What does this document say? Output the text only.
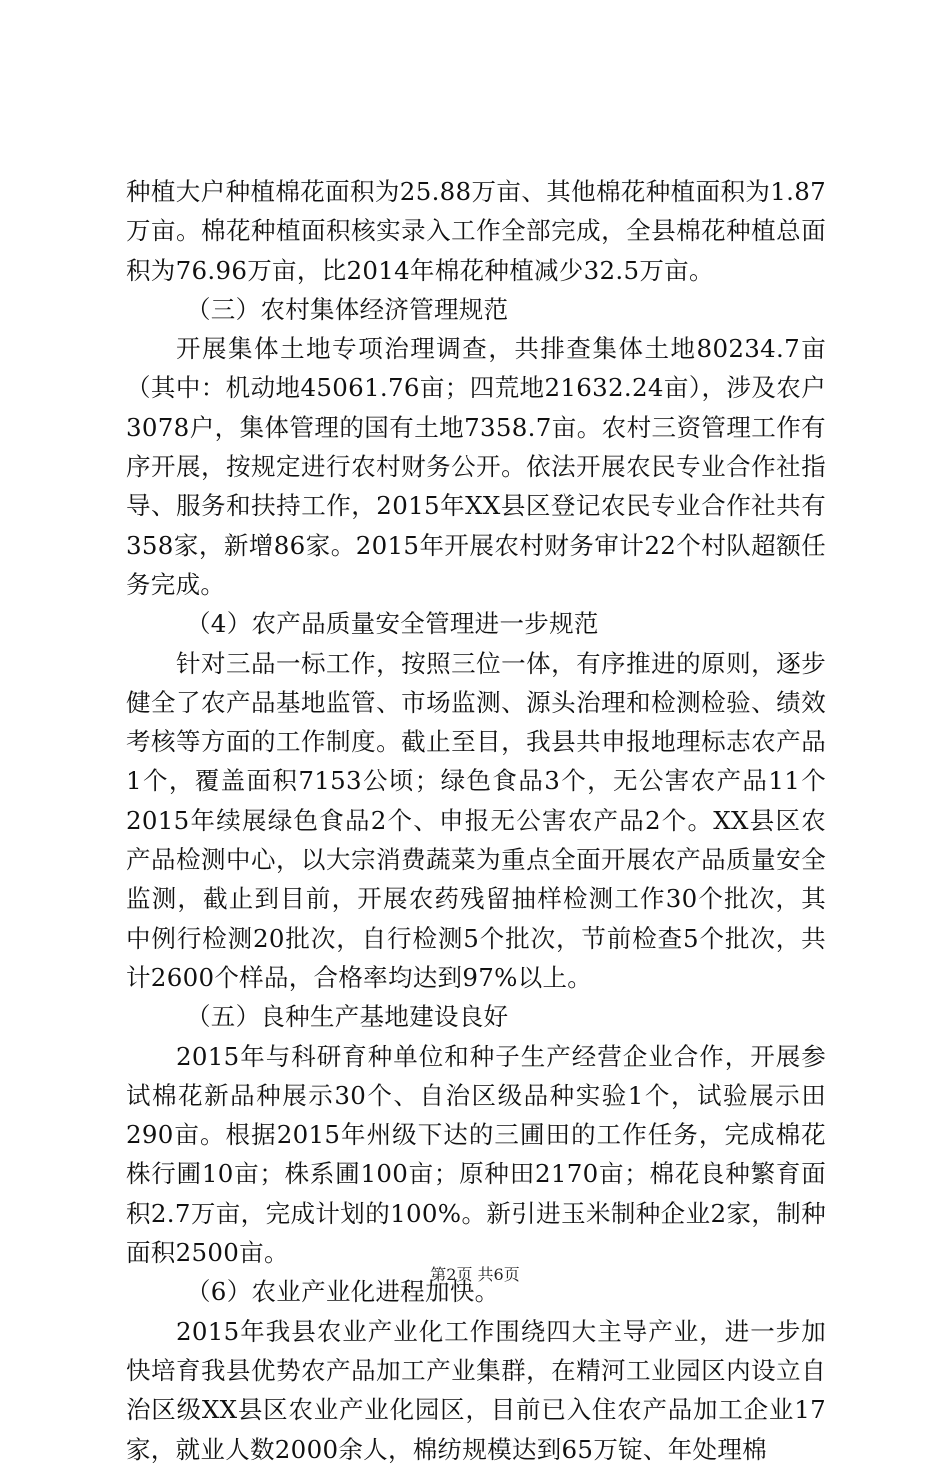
种植大户种植棉花面积为25.88万亩、其他棉花种植面积为1.87万亩。棉花种植面积核实录入工作全部完成，全县棉花种植总面积为76.96万亩，比2014年棉花种植减少32.5万亩。

（三）农村集体经济管理规范

开展集体土地专项治理调查，共排查集体土地80234.7亩（其中：机动地45061.76亩；四荒地21632.24亩），涉及农户3078户，集体管理的国有土地7358.7亩。农村三资管理工作有序开展，按规定进行农村财务公开。依法开展农民专业合作社指导、服务和扶持工作，2015年XX县区登记农民专业合作社共有358家，新增86家。2015年开展农村财务审计22个村队超额任务完成。

（4）农产品质量安全管理进一步规范

针对三品一标工作，按照三位一体，有序推进的原则，逐步健全了农产品基地监管、市场监测、源头治理和检测检验、绩效考核等方面的工作制度。截止至目，我县共申报地理标志农产品1个，覆盖面积7153公顷；绿色食品3个，无公害农产品11个2015年续展绿色食品2个、申报无公害农产品2个。XX县区农产品检测中心，以大宗消费蔬菜为重点全面开展农产品质量安全监测，截止到目前，开展农药残留抽样检测工作30个批次，其中例行检测20批次，自行检测5个批次，节前检查5个批次，共计2600个样品，合格率均达到97%以上。

（五）良种生产基地建设良好

2015年与科研育种单位和种子生产经营企业合作，开展参试棉花新品种展示30个、自治区级品种实验1个，试验展示田290亩。根据2015年州级下达的三圃田的工作任务，完成棉花株行圃10亩；株系圃100亩；原种田2170亩；棉花良种繁育面积2.7万亩，完成计划的100%。新引进玉米制种企业2家，制种面积2500亩。

（6）农业产业化进程加快。

2015年我县农业产业化工作围绕四大主导产业，进一步加快培育我县优势农产品加工产业集群，在精河工业园区内设立自治区级XX县区农业产业化园区，目前已入住农产品加工企业17家，就业人数2000余人，棉纺规模达到65万锭、年处理棉

第2页 共6页
